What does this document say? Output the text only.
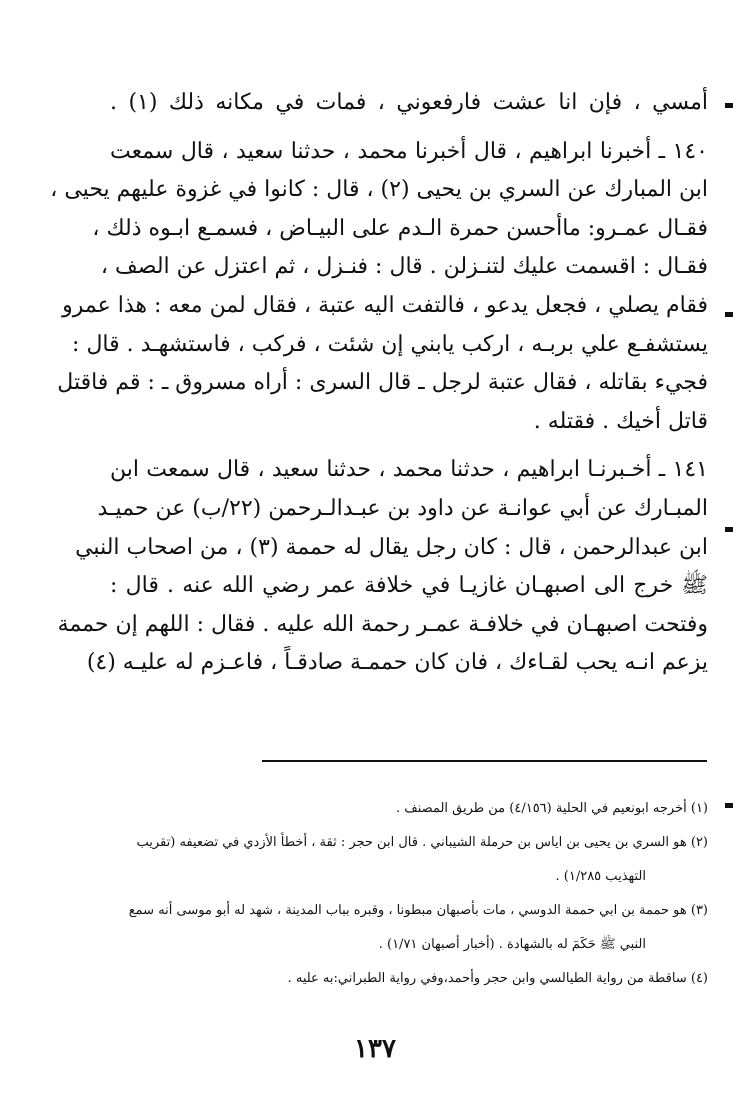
أمسي ، فإن انا عشت فارفعوني ، فمات في مكانه ذلك (١) .
١٤٠ ـ أخبرنا ابراهيم ، قال أخبرنا محمد ، حدثنا سعيد ، قال سمعت
ابن المبارك عن السري بن يحيى (٢) ، قال : كانوا في غزوة عليهم يحيى ،
فقـال عمـرو: ماأحسن حمرة الـدم على البيـاض ، فسمـع ابـوه ذلك ،
فقـال : اقسمت عليك لتنـزلن . قال : فنـزل ، ثم اعتزل عن الصف ،
فقام يصلي ، فجعل يدعو ، فالتفت اليه عتبة ، فقال لمن معه : هذا عمرو
يستشفـع علي بربـه ، اركب يابني إن شئت ، فركب ، فاستشهـد . قال :
فجيء بقاتله ، فقال عتبة لرجل ـ قال السرى : أراه مسروق ـ : قم فاقتل
قاتل أخيك . فقتله .
١٤١ ـ أخـبرنـا ابراهيم ، حدثنا محمد ، حدثنا سعيد ، قال سمعت ابن
المبـارك عن أبي عوانـة عن داود بن عبـدالـرحمن (٢٢/ب) عن حميـد
ابن عبدالرحمن ، قال : كان رجل يقال له حممة (٣) ، من اصحاب النبي
ﷺ خرج الى اصبهـان غازيـا في خلافة عمر رضي الله عنه . قال :
وفتحت اصبهـان في خلافـة عمـر رحمة الله عليه . فقال : اللهم إن حممة
يزعم انـه يحب لقـاءك ، فان كان حممـة صادقـاً ، فاعـزم له عليـه (٤)
(١) أخرجه ابونعيم في الحلية (٤/١٥٦) من طريق المصنف .
(٢) هو السري بن يحيى بن اياس بن حرملة الشيباني . قال ابن حجر : ثقة ، أخطأ الأزدي في تضعيفه (تقريب
التهذيب ١/٢٨٥) .
(٣) هو حممة بن ابي حممة الدوسي ، مات بأصبهان مبطونا ، وقبره بباب المدينة ، شهد له أبو موسى أنه سمع
النبي ﷺ حَكَمَ له بالشهادة . (أخبار أصبهان ١/٧١) .
(٤) ساقطة من رواية الطيالسي وابن حجر وأحمد،وفي رواية الطبراني:به عليه .
١٣٧
